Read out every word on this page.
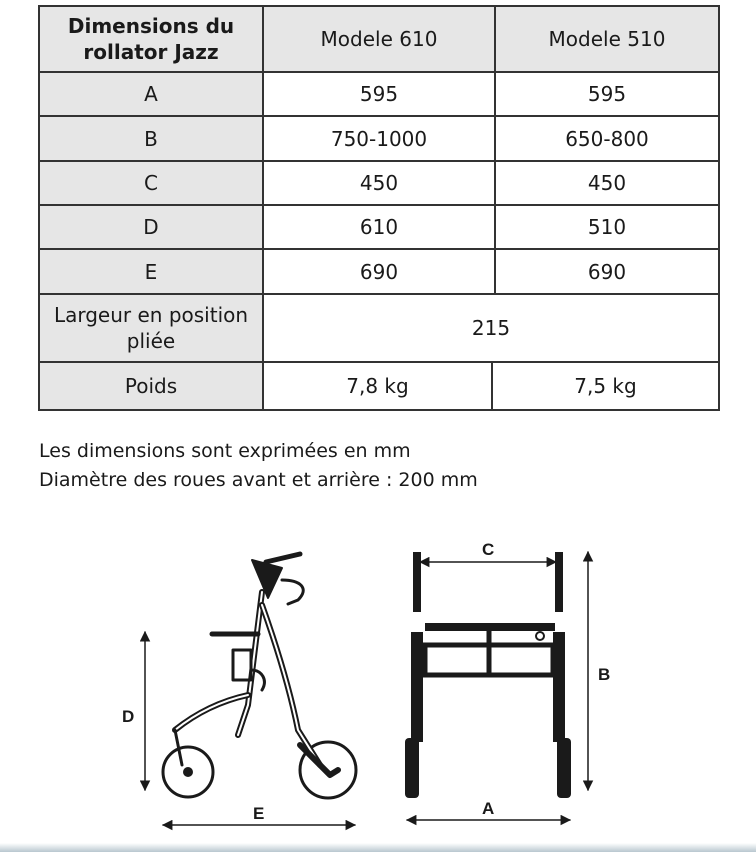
Dimensions du
rollator Jazz	Modele 610	Modele 510
A	595	595
B	750-1000	650-800
C	450	450
D	610	510
E	690	690
Largeur en position
pliée	215	
Poids	7,8 kg 7,5 kg	
Les dimensions sont exprimées en mm
Diamètre des roues avant et arrière : 200 mm
D
E
C
B
A
